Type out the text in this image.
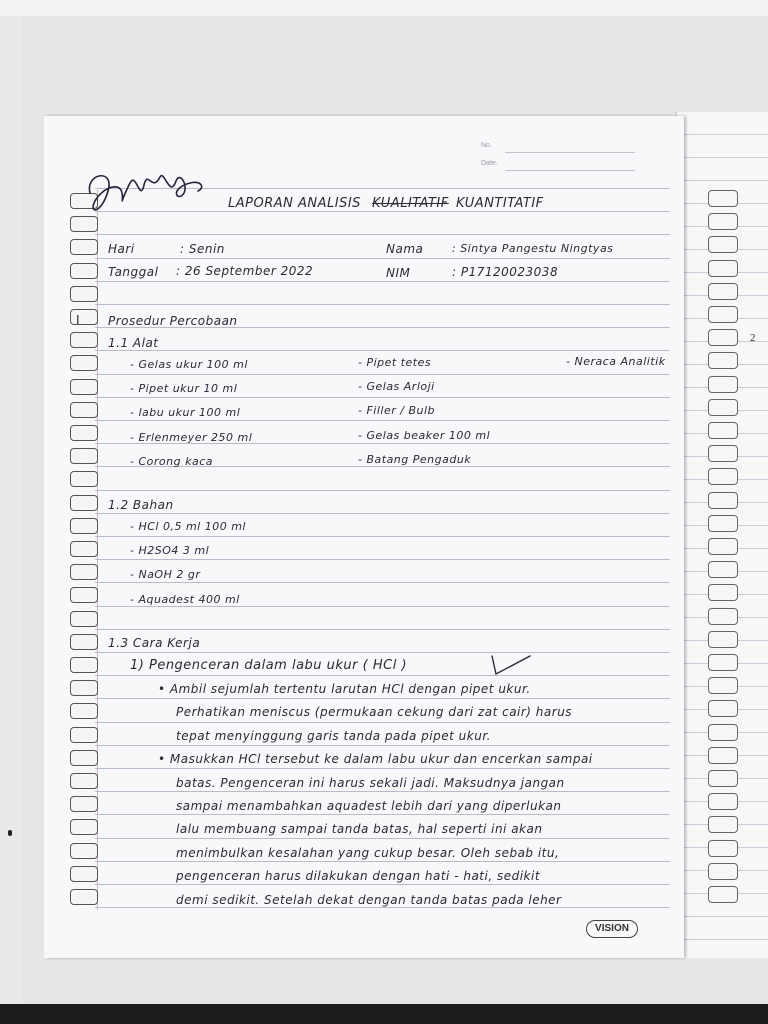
2
No.
Date.
LAPORAN ANALISIS KUALITATIF KUANTITATIF
Hari	: Senin	Nama	: Sintya Pangestu Ningtyas
Tanggal : 26 September 2022	NIM	: P17120023038
I Prosedur Percobaan
1.1 Alat
- Gelas ukur 100 ml
- Pipet ukur 10 ml
- labu ukur 100 ml
- Erlenmeyer 250 ml
- Corong kaca
- Pipet tetes
- Gelas Arloji
- Filler / Bulb
- Gelas beaker 100 ml
- Batang Pengaduk
- Neraca Analitik
1.2 Bahan
- HCl 0,5 ml 100 ml
- H2SO4 3 ml
- NaOH 2 gr
- Aquadest 400 ml
1.3 Cara Kerja
1) Pengenceran dalam labu ukur ( HCl )
• Ambil sejumlah tertentu larutan HCl dengan pipet ukur.
Perhatikan meniscus (permukaan cekung dari zat cair) harus
tepat menyinggung garis tanda pada pipet ukur.
• Masukkan HCl tersebut ke dalam labu ukur dan encerkan sampai
batas. Pengenceran ini harus sekali jadi. Maksudnya jangan
sampai menambahkan aquadest lebih dari yang diperlukan
lalu membuang sampai tanda batas, hal seperti ini akan
menimbulkan kesalahan yang cukup besar. Oleh sebab itu,
pengenceran harus dilakukan dengan hati - hati, sedikit
demi sedikit. Setelah dekat dengan tanda batas pada leher
VISION
